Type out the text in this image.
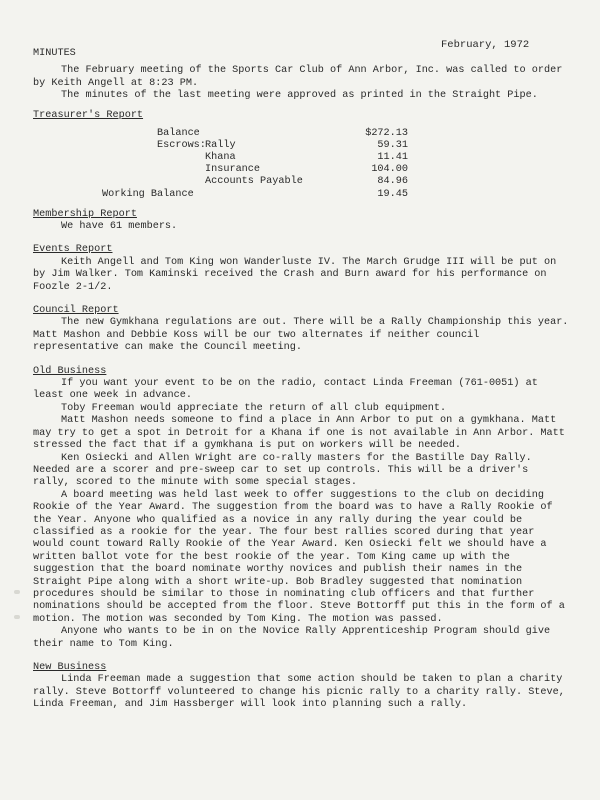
February, 1972

MINUTES

The February meeting of the Sports Car Club of Ann Arbor, Inc. was called to order by Keith Angell at 8:23 PM.

The minutes of the last meeting were approved as printed in the Straight Pipe.

Treasurer's Report

Balance	$272.13
Escrows: Rally	59.31
Khana	11.41
Insurance	104.00
Accounts Payable	84.96
Working Balance	19.45

Membership Report

We have 61 members.

Events Report

Keith Angell and Tom King won Wanderluste IV. The March Grudge III will be put on by Jim Walker. Tom Kaminski received the Crash and Burn award for his performance on Foozle 2-1/2.

Council Report

The new Gymkhana regulations are out. There will be a Rally Championship this year. Matt Mashon and Debbie Koss will be our two alternates if neither council representative can make the Council meeting.

Old Business

If you want your event to be on the radio, contact Linda Freeman (761-0051) at least one week in advance.

Toby Freeman would appreciate the return of all club equipment.

Matt Mashon needs someone to find a place in Ann Arbor to put on a gymkhana. Matt may try to get a spot in Detroit for a Khana if one is not available in Ann Arbor. Matt stressed the fact that if a gymkhana is put on workers will be needed.

Ken Osiecki and Allen Wright are co-rally masters for the Bastille Day Rally. Needed are a scorer and pre-sweep car to set up controls. This will be a driver's rally, scored to the minute with some special stages.

A board meeting was held last week to offer suggestions to the club on deciding Rookie of the Year Award. The suggestion from the board was to have a Rally Rookie of the Year. Anyone who qualified as a novice in any rally during the year could be classified as a rookie for the year. The four best rallies scored during that year would count toward Rally Rookie of the Year Award. Ken Osiecki felt we should have a written ballot vote for the best rookie of the year. Tom King came up with the suggestion that the board nominate worthy novices and publish their names in the Straight Pipe along with a short write-up. Bob Bradley suggested that nomination procedures should be similar to those in nominating club officers and that further nominations should be accepted from the floor. Steve Bottorff put this in the form of a motion. The motion was seconded by Tom King. The motion was passed.

Anyone who wants to be in on the Novice Rally Apprenticeship Program should give their name to Tom King.

New Business

Linda Freeman made a suggestion that some action should be taken to plan a charity rally. Steve Bottorff volunteered to change his picnic rally to a charity rally. Steve, Linda Freeman, and Jim Hassberger will look into planning such a rally.
